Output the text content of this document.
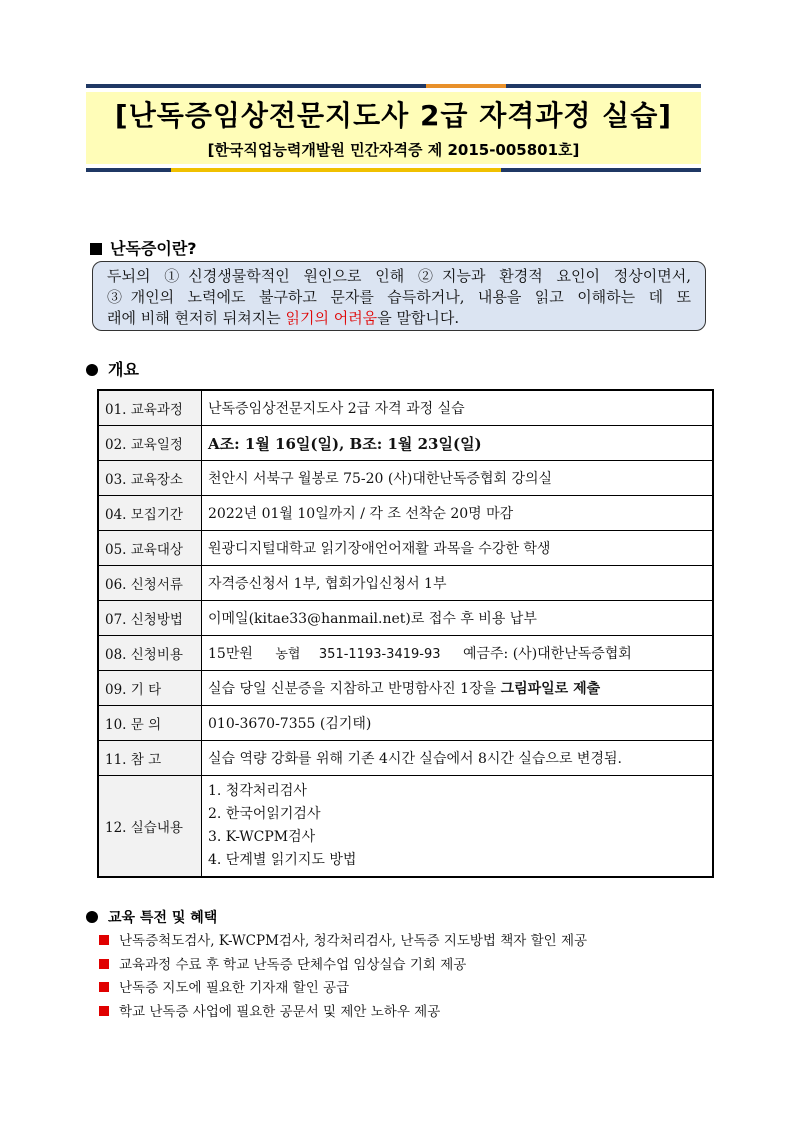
[난독증임상전문지도사 2급 자격과정 실습]
[한국직업능력개발원 민간자격증 제 2015-005801호]
난독증이란?
두뇌의 ①신경생물학적인 원인으로 인해 ②지능과 환경적 요인이 정상이면서,
③개인의 노력에도 불구하고 문자를 습득하거나, 내용을 읽고 이해하는 데 또
래에 비해 현저히 뒤쳐지는 읽기의 어려움을 말합니다.
개요
01. 교육과정	난독증임상전문지도사 2급 자격 과정 실습
02. 교육일정	A조: 1월 16일(일), B조: 1월 23일(일)
03. 교육장소	천안시 서북구 월봉로 75-20 (사)대한난독증협회 강의실
04. 모집기간	2022년 01월 10일까지 / 각 조 선착순 20명 마감
05. 교육대상	원광디지털대학교 읽기장애언어재활 과목을 수강한 학생
06. 신청서류	자격증신청서 1부, 협회가입신청서 1부
07. 신청방법	이메일(kitae33@hanmail.net)로 접수 후 비용 납부
08. 신청비용	15만원 농협 351-1193-3419-93 예금주: (사)대한난독증협회
09. 기 타	실습 당일 신분증을 지참하고 반명함사진 1장을 그림파일로 제출
10. 문 의	010-3670-7355 (김기태)
11. 참 고	실습 역량 강화를 위해 기존 4시간 실습에서 8시간 실습으로 변경됨.
12. 실습내용	1. 청각처리검사
2. 한국어읽기검사
3. K-WCPM검사
4. 단계별 읽기지도 방법
교육 특전 및 혜택
난독증척도검사, K-WCPM검사, 청각처리검사, 난독증 지도방법 책자 할인 제공
교육과정 수료 후 학교 난독증 단체수업 임상실습 기회 제공
난독증 지도에 필요한 기자재 할인 공급
학교 난독증 사업에 필요한 공문서 및 제안 노하우 제공
